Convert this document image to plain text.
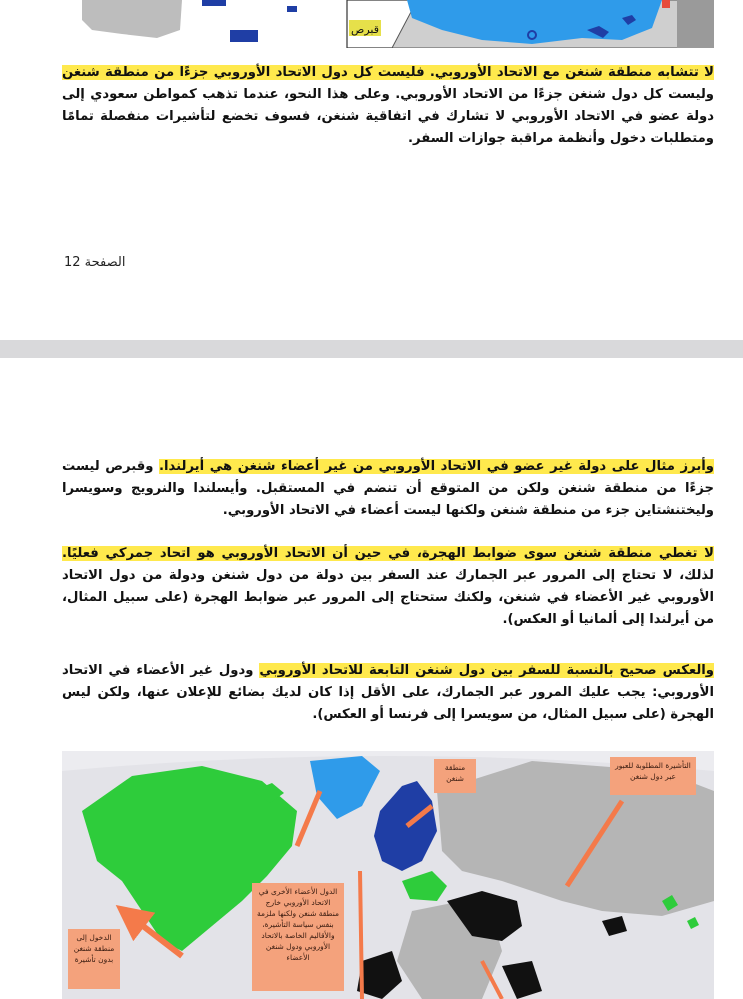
قبرص

لا تتشابه منطقة شنغن مع الاتحاد الأوروبي. فليست كل دول الاتحاد الأوروبي جزءًا من منطقة شنغن وليست كل دول شنغن جزءًا من الاتحاد الأوروبي. وعلى هذا النحو، عندما تذهب كمواطن سعودي إلى دولة عضو في الاتحاد الأوروبي لا تشارك في اتفاقية شنغن، فسوف تخضع لتأشيرات منفصلة تمامًا ومتطلبات دخول وأنظمة مراقبة جوازات السفر.

الصفحة 12

وأبرز مثال على دولة غير عضو في الاتحاد الأوروبي من غير أعضاء شنغن هي أيرلندا. وقبرص ليست جزءًا من منطقة شنغن ولكن من المتوقع أن تنضم في المستقبل. وأيسلندا والنرويج وسويسرا وليختنشتاين جزء من منطقة شنغن ولكنها ليست أعضاء في الاتحاد الأوروبي.

لا تغطي منطقة شنغن سوى ضوابط الهجرة، في حين أن الاتحاد الأوروبي هو اتحاد جمركي فعليًا. لذلك، لا تحتاج إلى المرور عبر الجمارك عند السفر بين دولة من دول شنغن ودولة من دول الاتحاد الأوروبي غير الأعضاء في شنغن، ولكنك ستحتاج إلى المرور عبر ضوابط الهجرة (على سبيل المثال، من أيرلندا إلى ألمانيا أو العكس).

والعكس صحيح بالنسبة للسفر بين دول شنغن التابعة للاتحاد الأوروبي ودول غير الأعضاء في الاتحاد الأوروبي: يجب عليك المرور عبر الجمارك، على الأقل إذا كان لديك بضائع للإعلان عنها، ولكن ليس الهجرة (على سبيل المثال، من سويسرا إلى فرنسا أو العكس).

منطقة شنغن
التأشيرة المطلوبة للعبور عبر دول شنغن
الدول الأعضاء الأخرى في الاتحاد الأوروبي خارج منطقة شنغن ولكنها ملزمة بنفس سياسة التأشيرة، والأقاليم الخاصة بالاتحاد الأوروبي ودول شنغن الأعضاء
الدخول إلى منطقة شنغن بدون تأشيرة
